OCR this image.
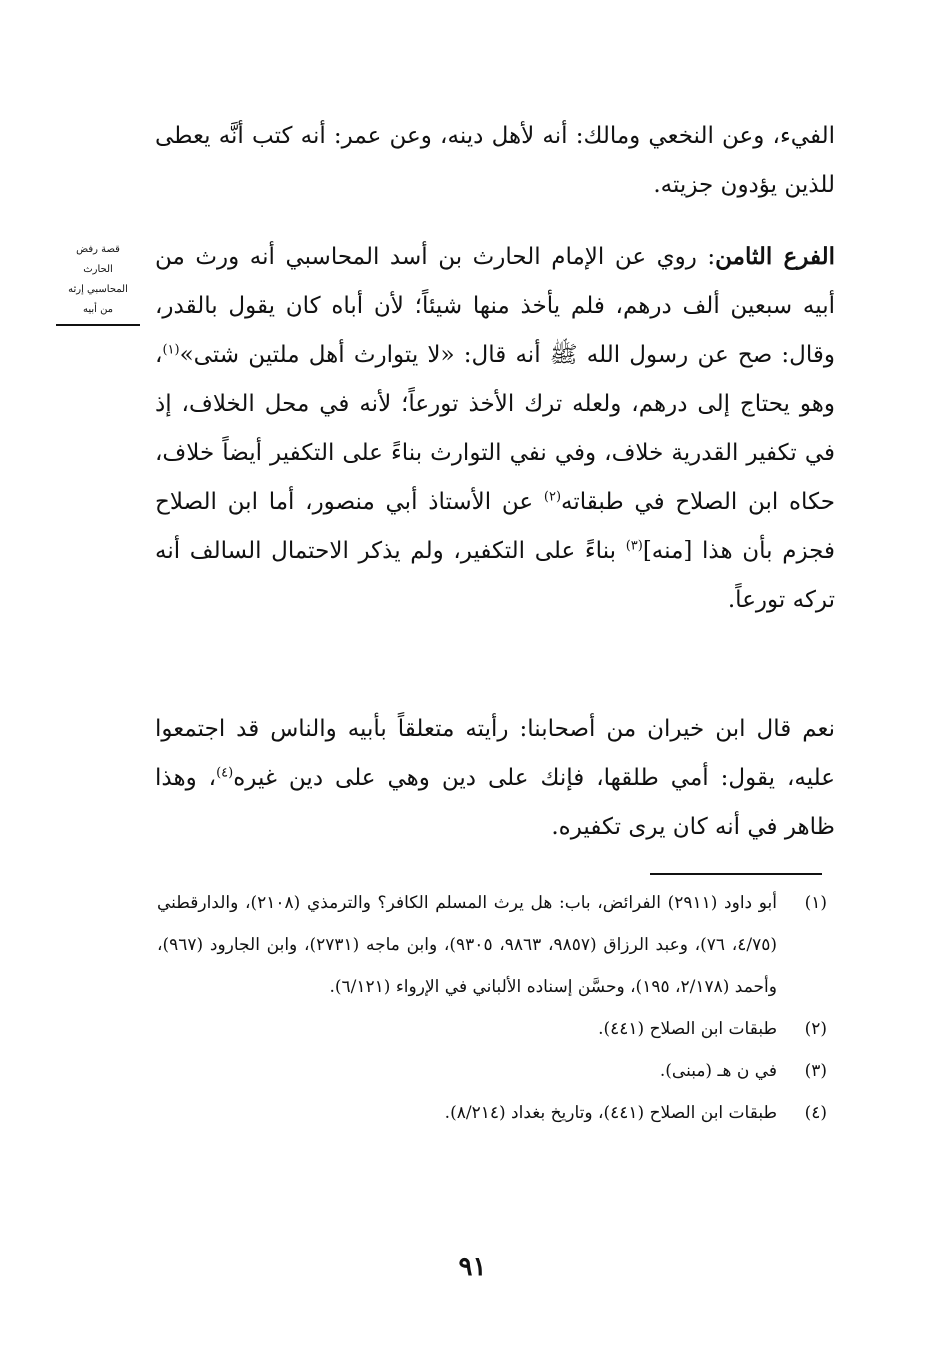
الفيء، وعن النخعي ومالك: أنه لأهل دينه، وعن عمر: أنه كتب أنَّه يعطى للذين يؤدون جزيته.

الفرع الثامن: روي عن الإمام الحارث بن أسد المحاسبي أنه ورث من أبيه سبعين ألف درهم، فلم يأخذ منها شيئاً؛ لأن أباه كان يقول بالقدر، وقال: صح عن رسول الله ﷺ أنه قال: «لا يتوارث أهل ملتين شتى»$^{(١)}$، وهو يحتاج إلى درهم، ولعله ترك الأخذ تورعاً؛ لأنه في محل الخلاف، إذ في تكفير القدرية خلاف، وفي نفي التوارث بناءً على التكفير أيضاً خلاف، حكاه ابن الصلاح في طبقاته$^{(٢)}$ عن الأستاذ أبي منصور، أما ابن الصلاح فجزم بأن هذا [منه]$^{(٣)}$ بناءً على التكفير، ولم يذكر الاحتمال السالف أنه تركه تورعاً.

قصة رفض
الحارث
المحاسبي إرثه
من أبيه

نعم قال ابن خيران من أصحابنا: رأيته متعلقاً بأبيه والناس قد اجتمعوا عليه، يقول: أمي طلقها، فإنك على دين وهي على دين غيره$^{(٤)}$، وهذا ظاهر في أنه كان يرى تكفيره.

(١)
أبو داود (٢٩١١) الفرائض، باب: هل يرث المسلم الكافر؟ والترمذي (٢١٠٨)، والدارقطني (٤/٧٥، ٧٦)، وعبد الرزاق (٩٨٥٧، ٩٨٦٣، ٩٣٠٥)، وابن ماجه (٢٧٣١)، وابن الجارود (٩٦٧)، وأحمد (٢/١٧٨، ١٩٥)، وحسَّن إسناده الألباني في الإرواء (٦/١٢١).
(٢)
طبقات ابن الصلاح (٤٤١).
(٣)
في ن هـ (مبنى).
(٤)
طبقات ابن الصلاح (٤٤١)، وتاريخ بغداد (٨/٢١٤).
٩١
